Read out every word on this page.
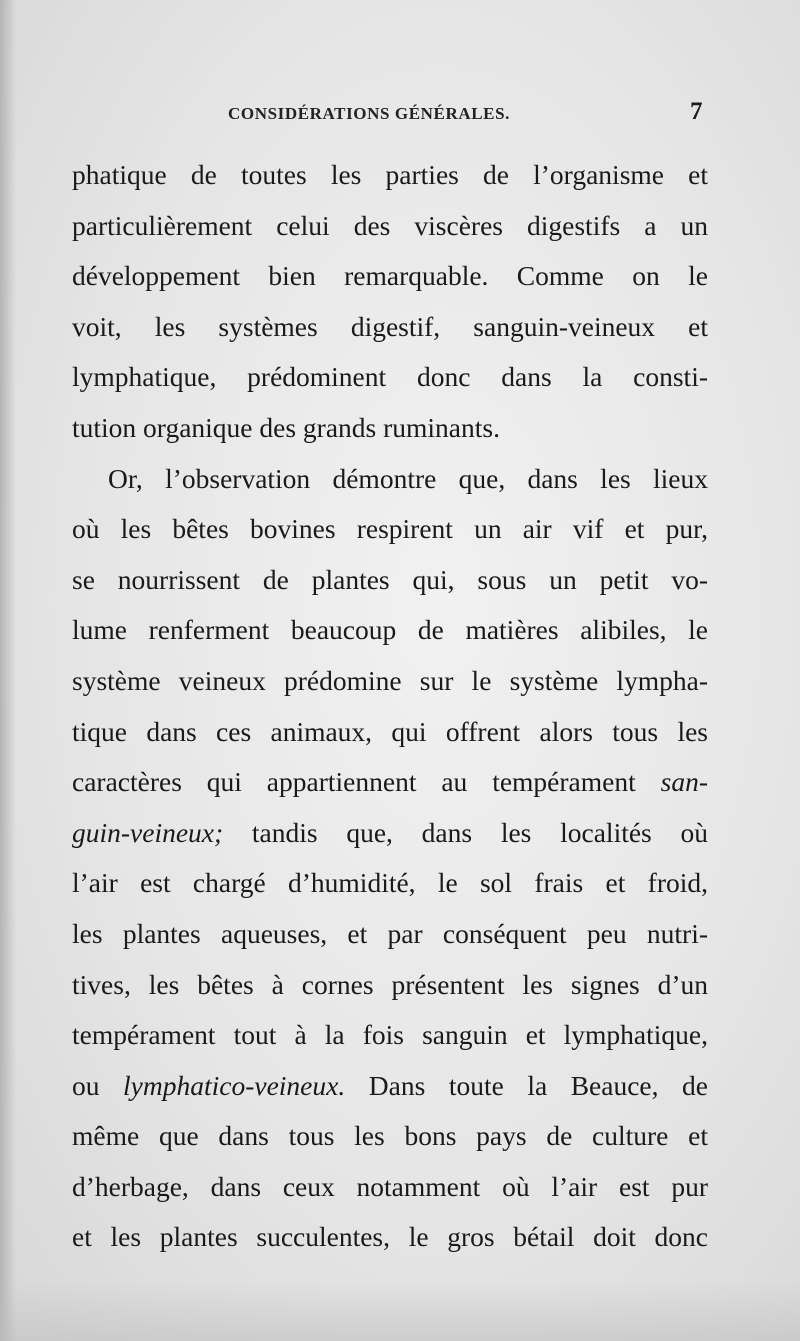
CONSIDÉRATIONS GÉNÉRALES.	7
phatique de toutes les parties de l’organisme et
particulièrement celui des viscères digestifs a un
développement bien remarquable. Comme on le
voit, les systèmes digestif, sanguin-veineux et
lymphatique, prédominent donc dans la consti-
tution organique des grands ruminants.
Or, l’observation démontre que, dans les lieux
où les bêtes bovines respirent un air vif et pur,
se nourrissent de plantes qui, sous un petit vo-
lume renferment beaucoup de matières alibiles, le
système veineux prédomine sur le système lympha-
tique dans ces animaux, qui offrent alors tous les
caractères qui appartiennent au tempérament san-
guin-veineux; tandis que, dans les localités où
l’air est chargé d’humidité, le sol frais et froid,
les plantes aqueuses, et par conséquent peu nutri-
tives, les bêtes à cornes présentent les signes d’un
tempérament tout à la fois sanguin et lymphatique,
ou lymphatico-veineux. Dans toute la Beauce, de
même que dans tous les bons pays de culture et
d’herbage, dans ceux notamment où l’air est pur
et les plantes succulentes, le gros bétail doit donc
